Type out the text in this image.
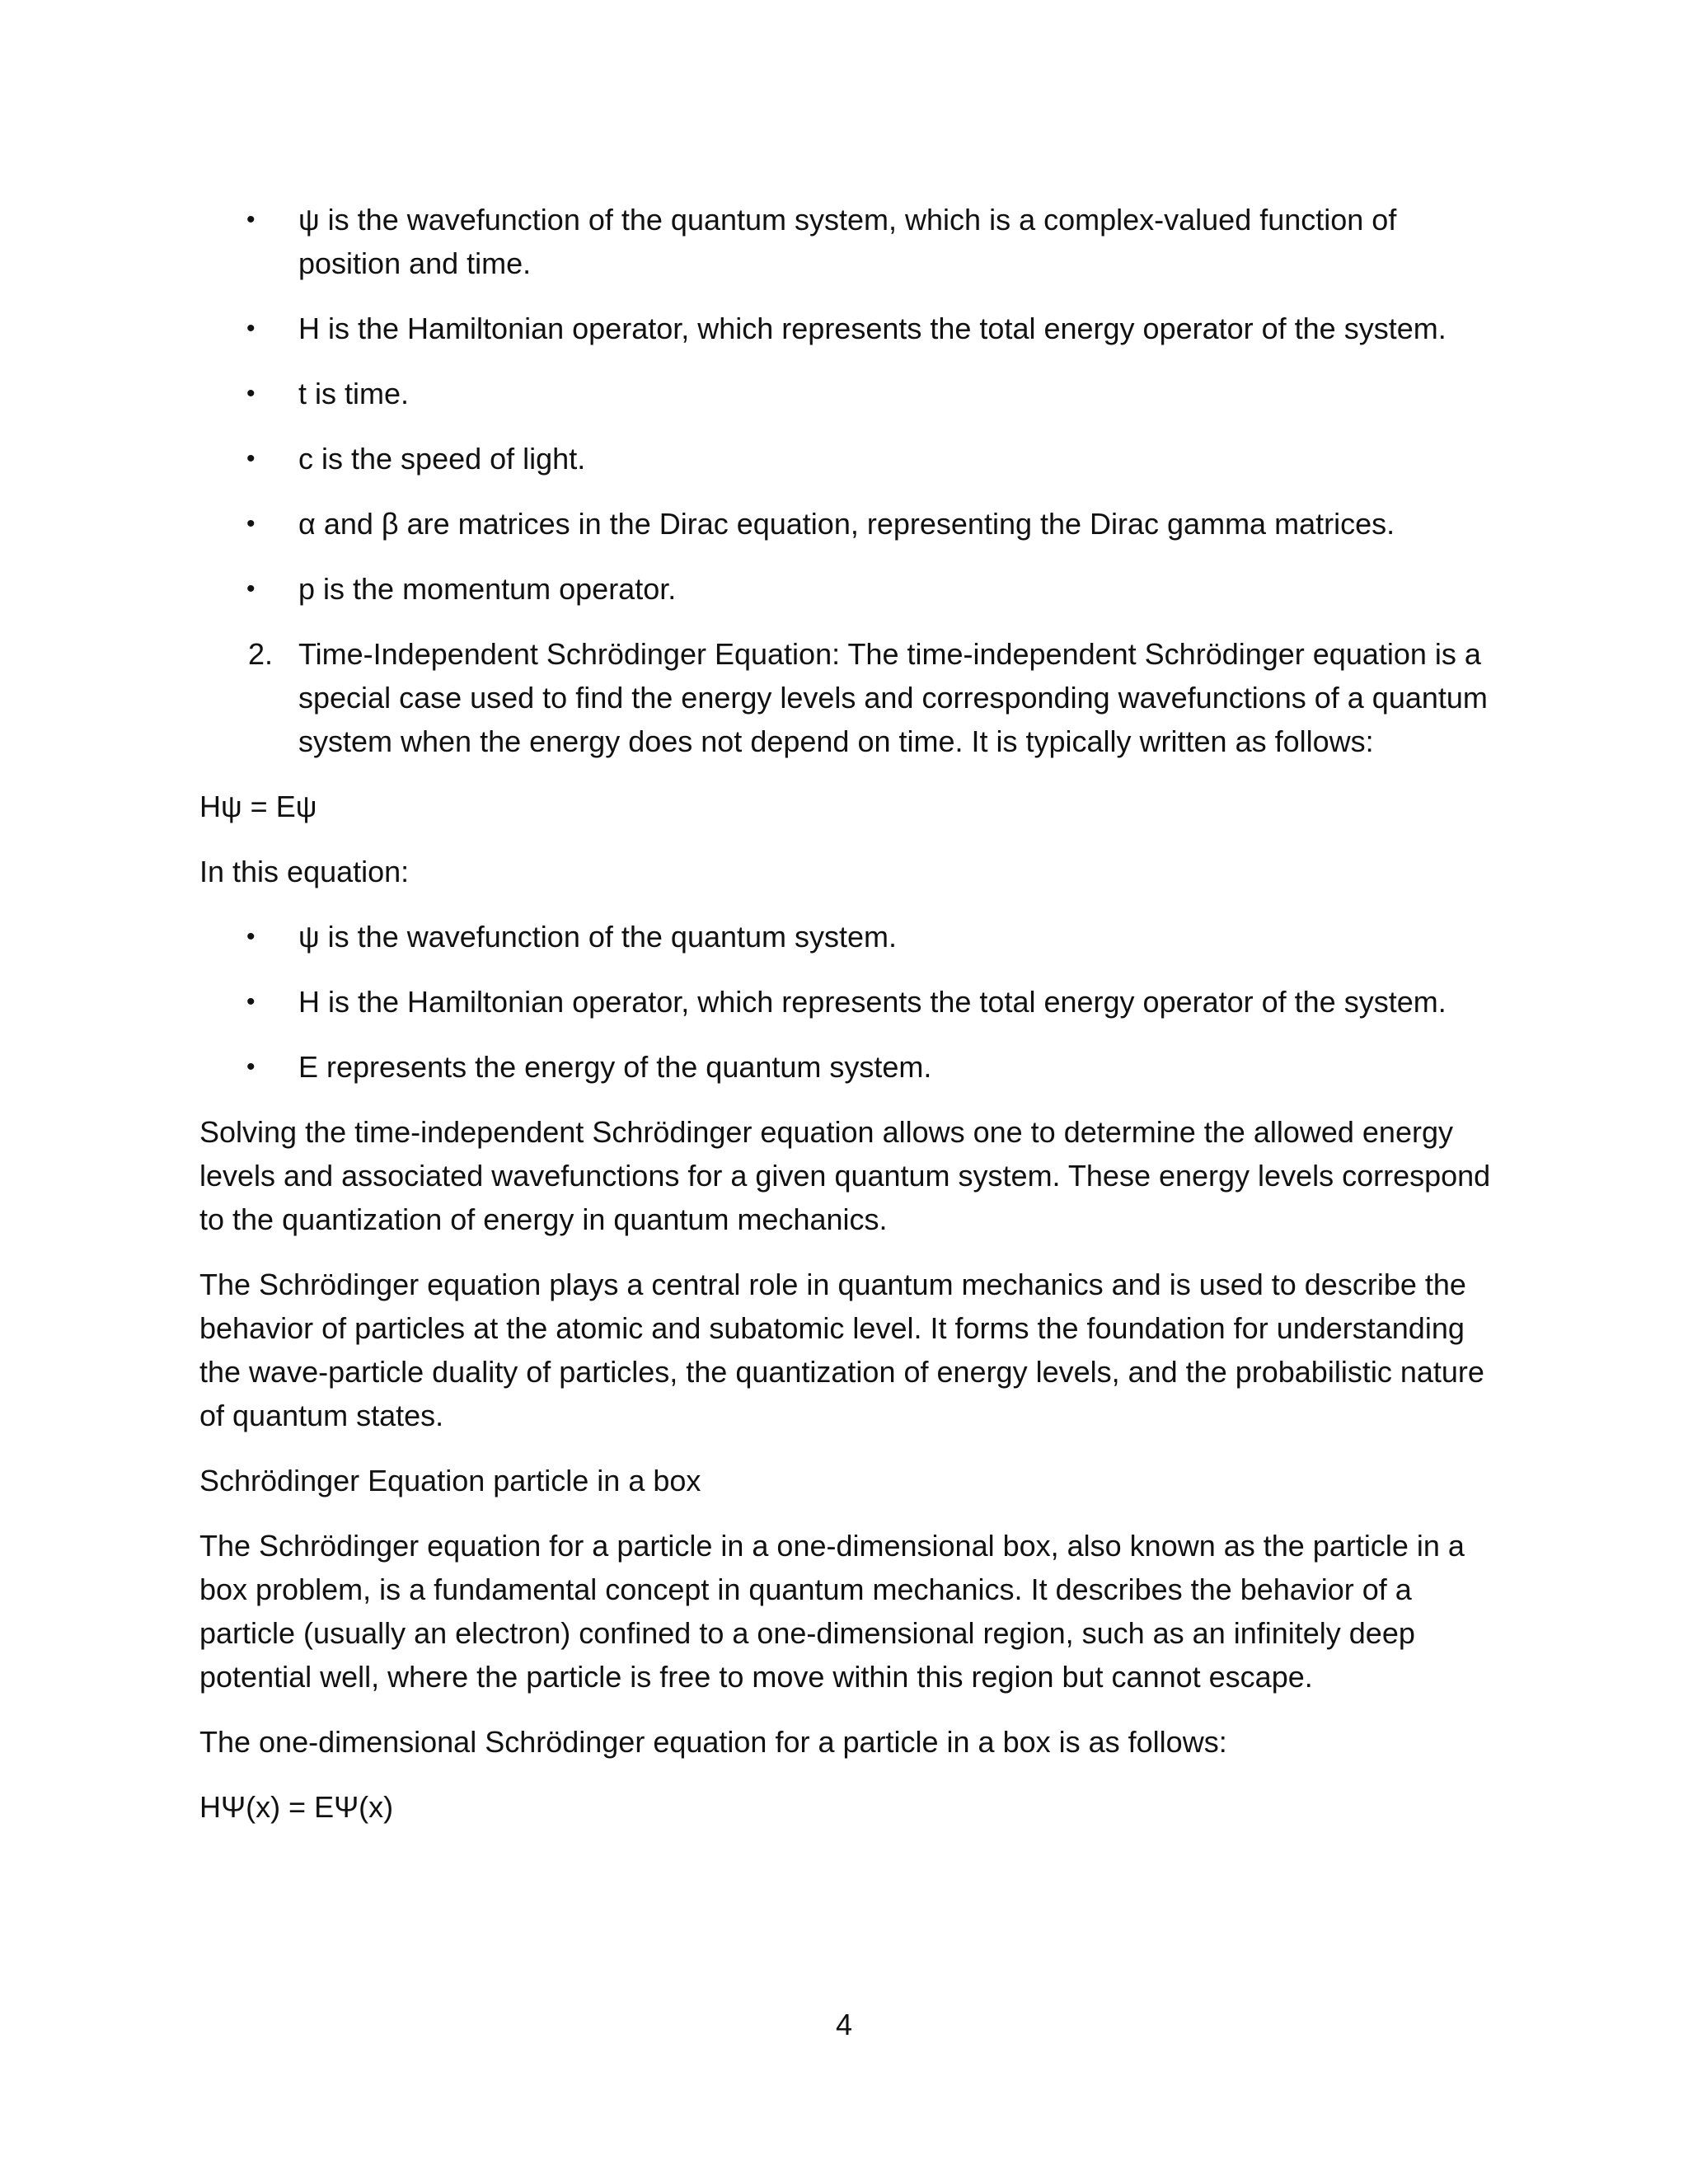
• ψ is the wavefunction of the quantum system, which is a complex-valued function of position and time.
• H is the Hamiltonian operator, which represents the total energy operator of the system.
• t is time.
• c is the speed of light.
• α and β are matrices in the Dirac equation, representing the Dirac gamma matrices.
• p is the momentum operator.
2. Time-Independent Schrödinger Equation: The time-independent Schrödinger equation is a special case used to find the energy levels and corresponding wavefunctions of a quantum system when the energy does not depend on time. It is typically written as follows:

Hψ = Eψ

In this equation:

• ψ is the wavefunction of the quantum system.
• H is the Hamiltonian operator, which represents the total energy operator of the system.
• E represents the energy of the quantum system.

Solving the time-independent Schrödinger equation allows one to determine the allowed energy levels and associated wavefunctions for a given quantum system. These energy levels correspond to the quantization of energy in quantum mechanics.

The Schrödinger equation plays a central role in quantum mechanics and is used to describe the behavior of particles at the atomic and subatomic level. It forms the foundation for understanding the wave-particle duality of particles, the quantization of energy levels, and the probabilistic nature of quantum states.

Schrödinger Equation particle in a box

The Schrödinger equation for a particle in a one-dimensional box, also known as the particle in a box problem, is a fundamental concept in quantum mechanics. It describes the behavior of a particle (usually an electron) confined to a one-dimensional region, such as an infinitely deep potential well, where the particle is free to move within this region but cannot escape.

The one-dimensional Schrödinger equation for a particle in a box is as follows:

HΨ(x) = EΨ(x)

4
